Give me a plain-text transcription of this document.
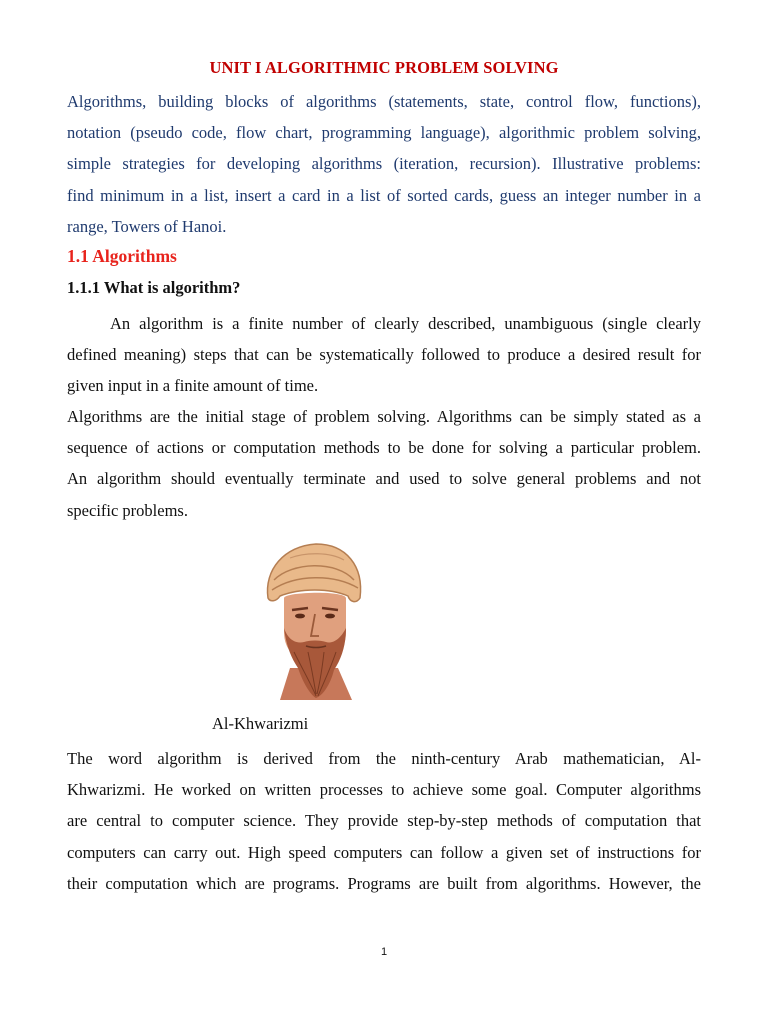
UNIT I ALGORITHMIC PROBLEM SOLVING
Algorithms, building blocks of algorithms (statements, state, control flow, functions),
notation (pseudo code, flow chart, programming language), algorithmic problem solving,
simple strategies for developing algorithms (iteration, recursion). Illustrative problems:
find minimum in a list, insert a card in a list of sorted cards, guess an integer number in a
range, Towers of Hanoi.
1.1 Algorithms
1.1.1 What is algorithm?
An algorithm is a finite number of clearly described, unambiguous (single clearly
defined meaning) steps that can be systematically followed to produce a desired result for
given input in a finite amount of time.
Algorithms are the initial stage of problem solving. Algorithms can be simply stated as a
sequence of actions or computation methods to be done for solving a particular problem.
An algorithm should eventually terminate and used to solve general problems and not
specific problems.
Al-Khwarizmi
The word algorithm is derived from the ninth-century Arab mathematician, Al-
Khwarizmi. He worked on written processes to achieve some goal. Computer algorithms
are central to computer science. They provide step-by-step methods of computation that
computers can carry out. High speed computers can follow a given set of instructions for
their computation which are programs. Programs are built from algorithms. However, the
1
